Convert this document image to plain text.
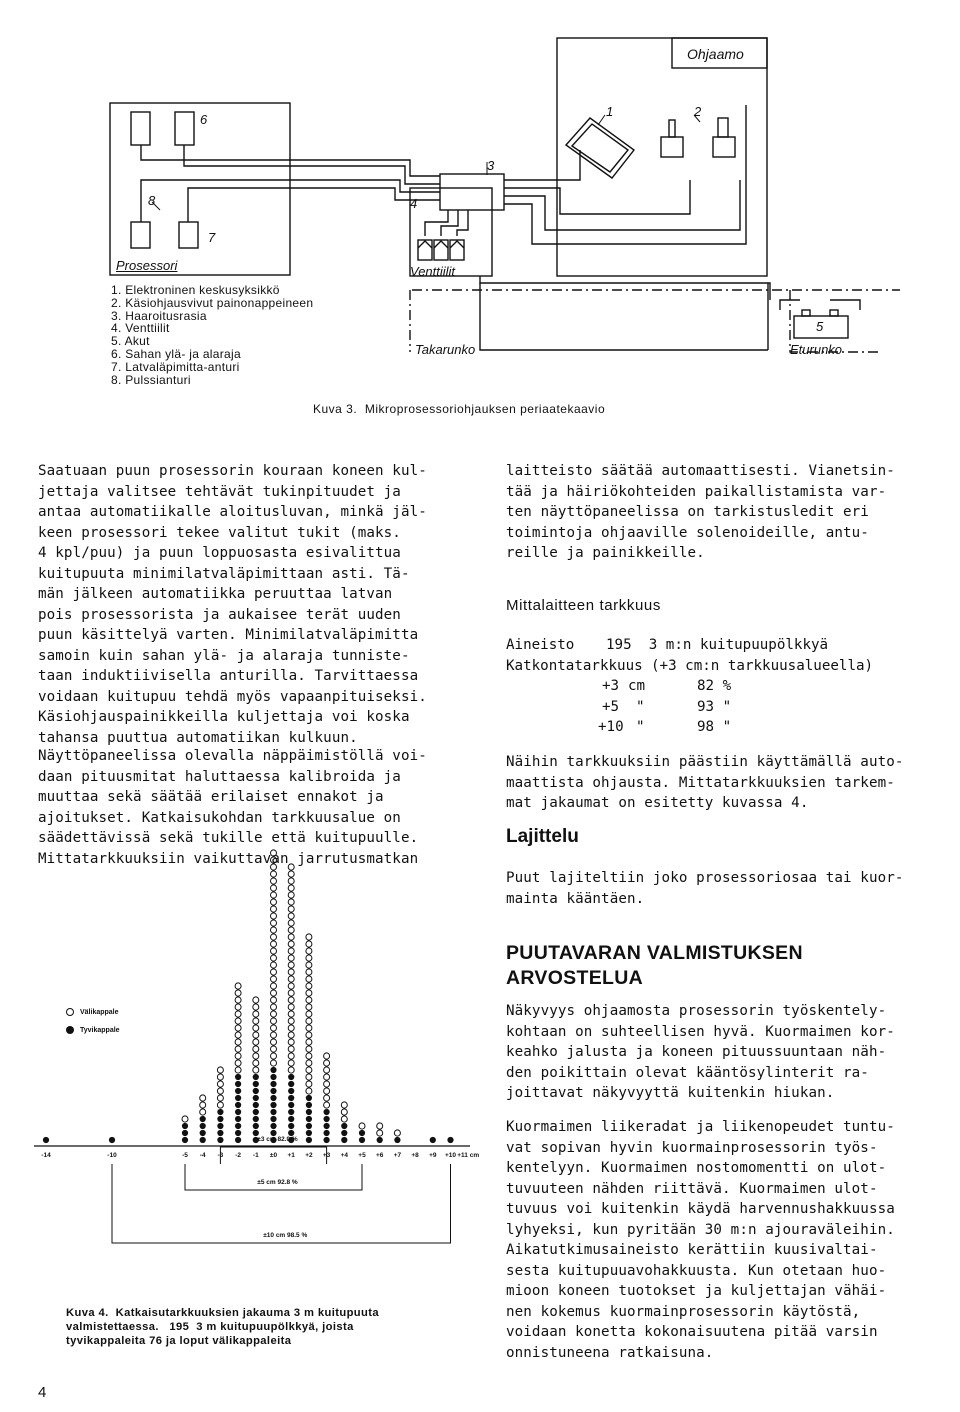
Ohjaamo
Prosessori	Venttiilit
Takarunko	Eturunko
1	2
3
4
5
6
7
8
1. Elektroninen keskusyksikkö
2. Käsiohjausvivut painonappeineen
3. Haaroitusrasia
4. Venttiilit
5. Akut
6. Sahan ylä- ja alaraja
7. Latvaläpimitta-anturi
8. Pulssianturi
Kuva 3.  Mikroprosessoriohjauksen periaatekaavio
Saatuaan puun prosessorin kouraan koneen kul-
jettaja valitsee tehtävät tukinpituudet ja
antaa automatiikalle aloitusluvan, minkä jäl-
keen prosessori tekee valitut tukit (maks.
4 kpl/puu) ja puun loppuosasta esivalittua
kuitupuuta minimilatvaläpimittaan asti. Tä-
män jälkeen automatiikka peruuttaa latvan
pois prosessorista ja aukaisee terät uuden
puun käsittelyä varten. Minimilatvaläpimitta
samoin kuin sahan ylä- ja alaraja tunniste-
taan induktiivisella anturilla. Tarvittaessa
voidaan kuitupuu tehdä myös vapaanpituiseksi.
Käsiohjauspainikkeilla kuljettaja voi koska
tahansa puuttua automatiikan kulkuun.
Näyttöpaneelissa olevalla näppäimistöllä voi-
daan pituusmitat haluttaessa kalibroida ja
muuttaa sekä säätää erilaiset ennakot ja
ajoitukset. Katkaisukohdan tarkkuusalue on
säädettävissä sekä tukille että kuitupuulle.
Mittatarkkuuksiin vaikuttavan jarrutusmatkan
-14	-10	-5 -4 -3 -2 -1 ±0 +1 +2 +3 +4 +5 +6 +7 +8 +9 +10 +11 cm
±3 cm 82.0 %
±5 cm 92.8 %
±10 cm 98.5 %
Välikappale
Tyvikappale
Kuva 4.  Katkaisutarkkuuksien jakauma 3 m kuitupuuta
valmistettaessa.   195  3 m kuitupuupölkkyä, joista
tyvikappaleita 76 ja loput välikappaleita
laitteisto säätää automaattisesti. Vianetsin-
tää ja häiriökohteiden paikallistamista var-
ten näyttöpaneelissa on tarkistusledit eri
toimintoja ohjaaville solenoideille, antu-
reille ja painikkeille.
Mittalaitteen tarkkuus
Aineisto 195  3 m:n kuitupuupölkkyä
Katkontatarkkuus (+3 cm:n tarkkuusalueella)
+3 cm	82 %
+5 "	93 "
+10 "	98 "
Näihin tarkkuuksiin päästiin käyttämällä auto-
maattista ohjausta. Mittatarkkuuksien tarkem-
mat jakaumat on esitetty kuvassa 4.
Lajittelu
Puut lajiteltiin joko prosessoriosaa tai kuor-
mainta kääntäen.
PUUTAVARAN VALMISTUKSEN
ARVOSTELUA
Näkyvyys ohjaamosta prosessorin työskentely-
kohtaan on suhteellisen hyvä. Kuormaimen kor-
keahko jalusta ja koneen pituussuuntaan näh-
den poikittain olevat kääntösylinterit ra-
joittavat näkyvyyttä kuitenkin hiukan.
Kuormaimen liikeradat ja liikenopeudet tuntu-
vat sopivan hyvin kuormainprosessorin työs-
kentelyyn. Kuormaimen nostomomentti on ulot-
tuvuuteen nähden riittävä. Kuormaimen ulot-
tuvuus voi kuitenkin käydä harvennushakkuussa
lyhyeksi, kun pyritään 30 m:n ajouraväleihin.
Aikatutkimusaineisto kerättiin kuusivaltai-
sesta kuitupuuavohakkuusta. Kun otetaan huo-
mioon koneen tuotokset ja kuljettajan vähäi-
nen kokemus kuormainprosessorin käytöstä,
voidaan konetta kokonaisuutena pitää varsin
onnistuneena ratkaisuna.
4
